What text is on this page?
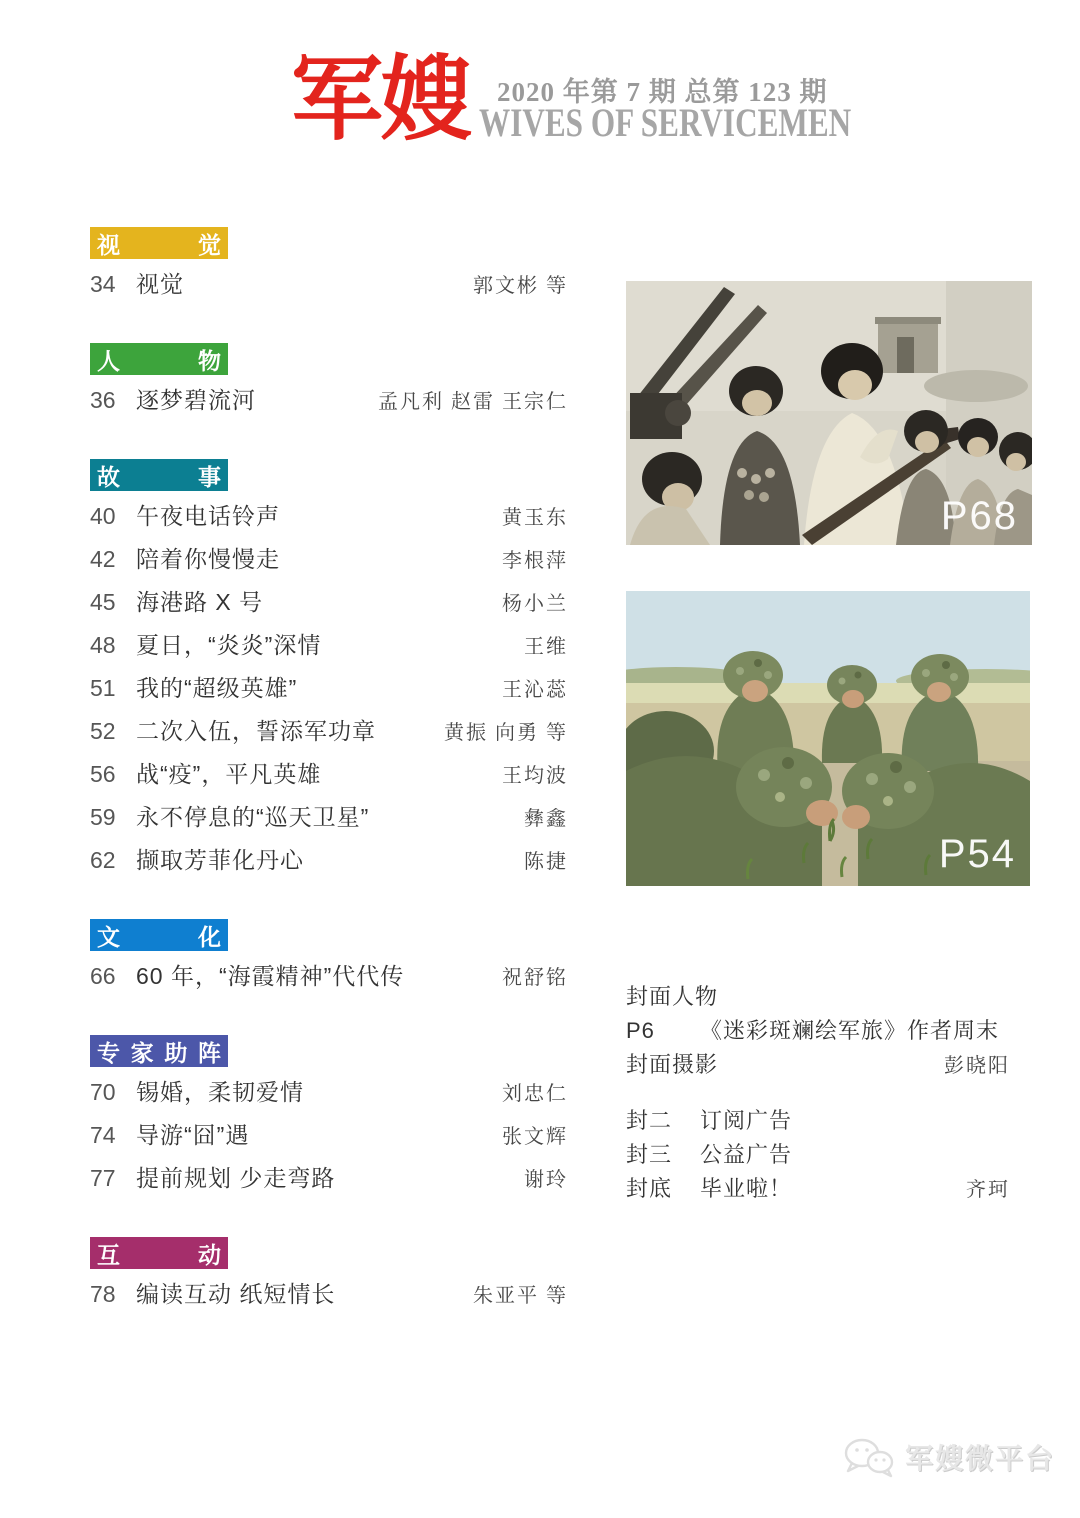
军嫂 2020 年第 7 期 总第 123 期
WIVES OF SERVICEMEN
视	觉
34 视觉	郭文彬 等
人	物
36 逐梦碧流河	孟凡利 赵雷 王宗仁
故	事
40 午夜电话铃声	黄玉东
42 陪着你慢慢走	李根萍
45 海港路 X 号	杨小兰
48 夏日，“炎炎”深情	王维
51 我的“超级英雄”	王沁蕊
52 二次入伍，誓添军功章	黄振 向勇 等
56 战“疫”，平凡英雄	王均波
59 永不停息的“巡天卫星”	彝鑫
62 撷取芳菲化丹心	陈捷
文	化
66 60 年，“海霞精神”代代传	祝舒铭
专 家 助 阵
70 锡婚，柔韧爱情	刘忠仁
74 导游“囧”遇	张文辉
77 提前规划 少走弯路	谢玲
互	动
78 编读互动 纸短情长	朱亚平 等
P68
P54
封面人物
P6	《迷彩斑斓绘军旅》作者周末
封面摄影	彭晓阳
封二	订阅广告
封三	公益广告
封底	毕业啦！	齐珂
军嫂微平台
